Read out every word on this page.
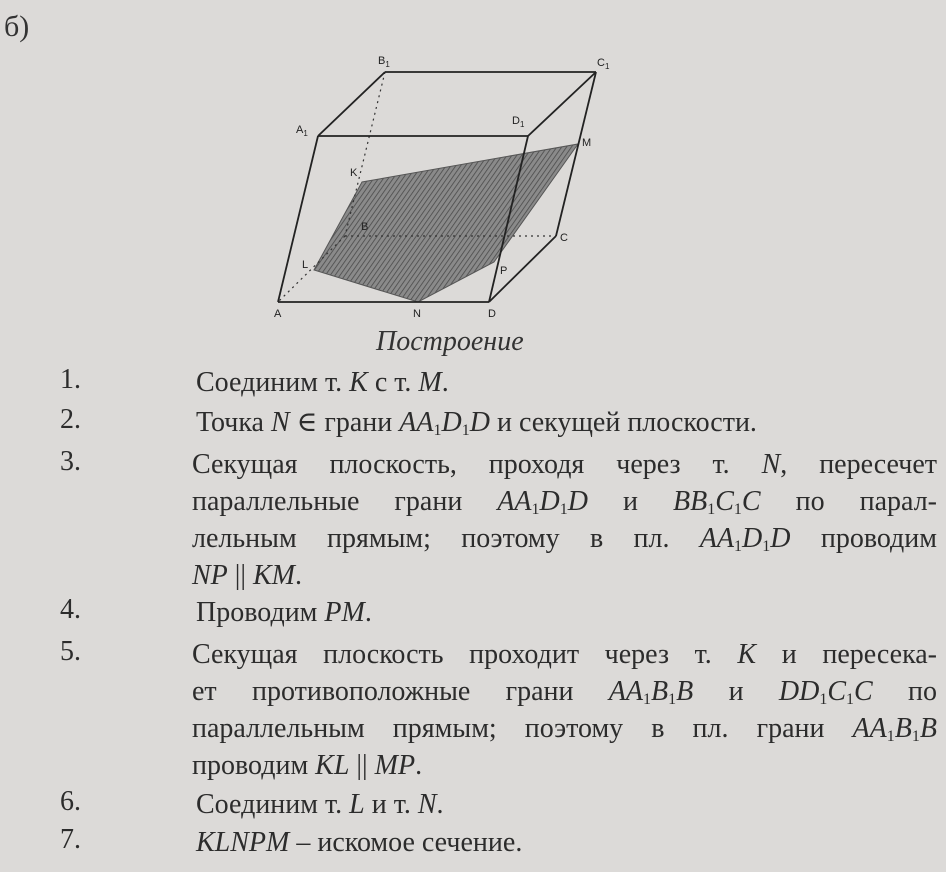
б)
$B_1$	$C_1$
$A_1$
$D_1$
M
K
B
C
L	P
A	N	D
Построение
1.	Соединим т. K с т. M.
2.	Точка N ∈ грани $AA_1D_1D$ и секущей плоскости.
3.	Секущая плоскость, проходя через т. N, пересечет
параллельные грани $AA_1D_1D$ и $BB_1C_1C$ по парал-
лельным прямым; поэтому в пл. $AA_1D_1D$ проводим
NP || KM.
4.	Проводим PM.
5.	Секущая плоскость проходит через т. K и пересека-
ет противоположные грани $AA_1B_1B$ и $DD_1C_1C$ по
параллельным прямым; поэтому в пл. грани $AA_1B_1B$
проводим KL || MP.
6.	Соединим т. L и т. N.
7.	KLNPM – искомое сечение.
